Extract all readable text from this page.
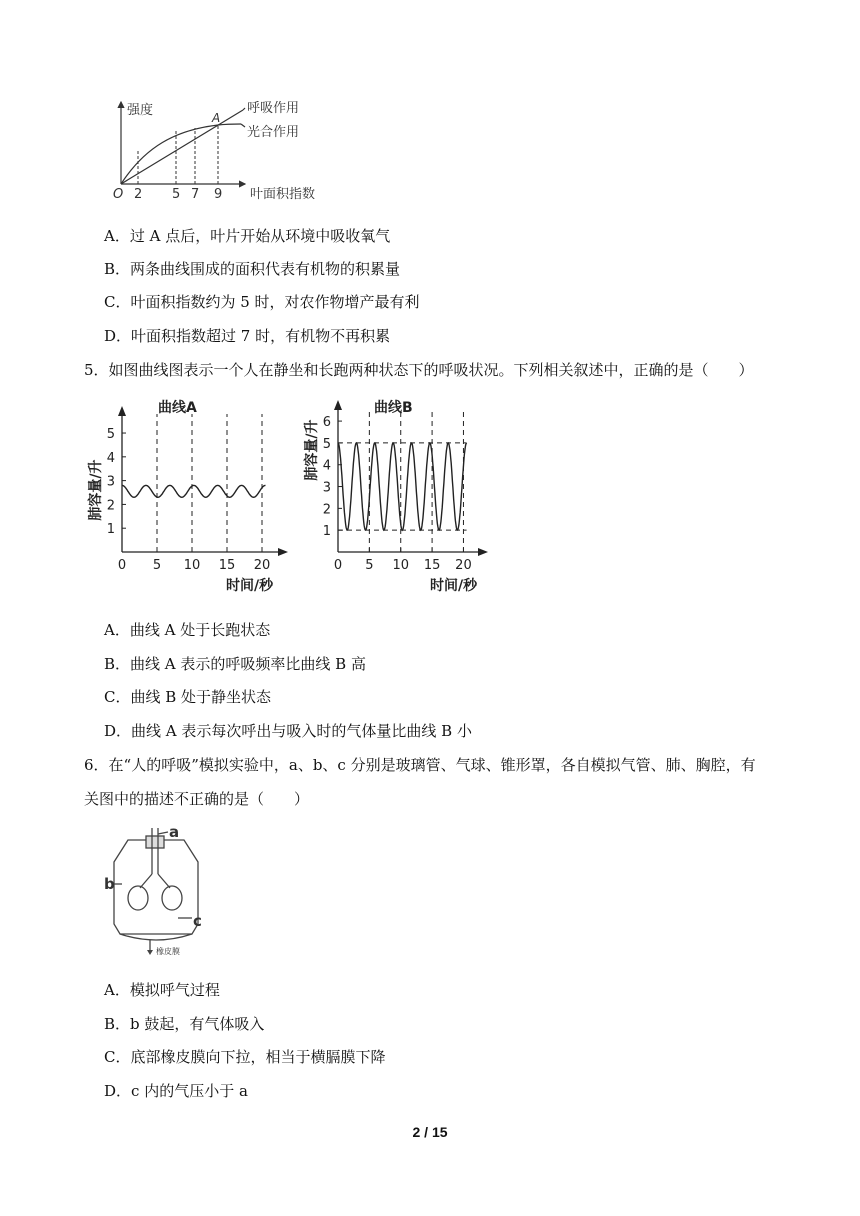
强度	呼吸作用
光合作用
A
O 2 5 7 9 叶面积指数
A．过 A 点后，叶片开始从环境中吸收氧气
B．两条曲线围成的面积代表有机物的积累量
C．叶面积指数约为 5 时，对农作物增产最有利
D．叶面积指数超过 7 时，有机物不再积累
5．如图曲线图表示一个人在静坐和长跑两种状态下的呼吸状况。下列相关叙述中，正确的是（　　）
曲线A
肺容量/升
时间/秒
0 5 10 15 20
1
2
3
4
5
曲线B
肺容量/升
时间/秒
0 5 10 15 20
1
2
3
4
5
6
A．曲线 A 处于长跑状态
B．曲线 A 表示的呼吸频率比曲线 B 高
C．曲线 B 处于静坐状态
D．曲线 A 表示每次呼出与吸入时的气体量比曲线 B 小
6．在“人的呼吸”模拟实验中，a、b、c 分别是玻璃管、气球、锥形罩，各自模拟气管、肺、胸腔，有
关图中的描述不正确的是（　　）
a
b
c
橡皮膜
A．模拟呼气过程
B．b 鼓起，有气体吸入
C．底部橡皮膜向下拉，相当于横膈膜下降
D．c 内的气压小于 a
2 / 15
